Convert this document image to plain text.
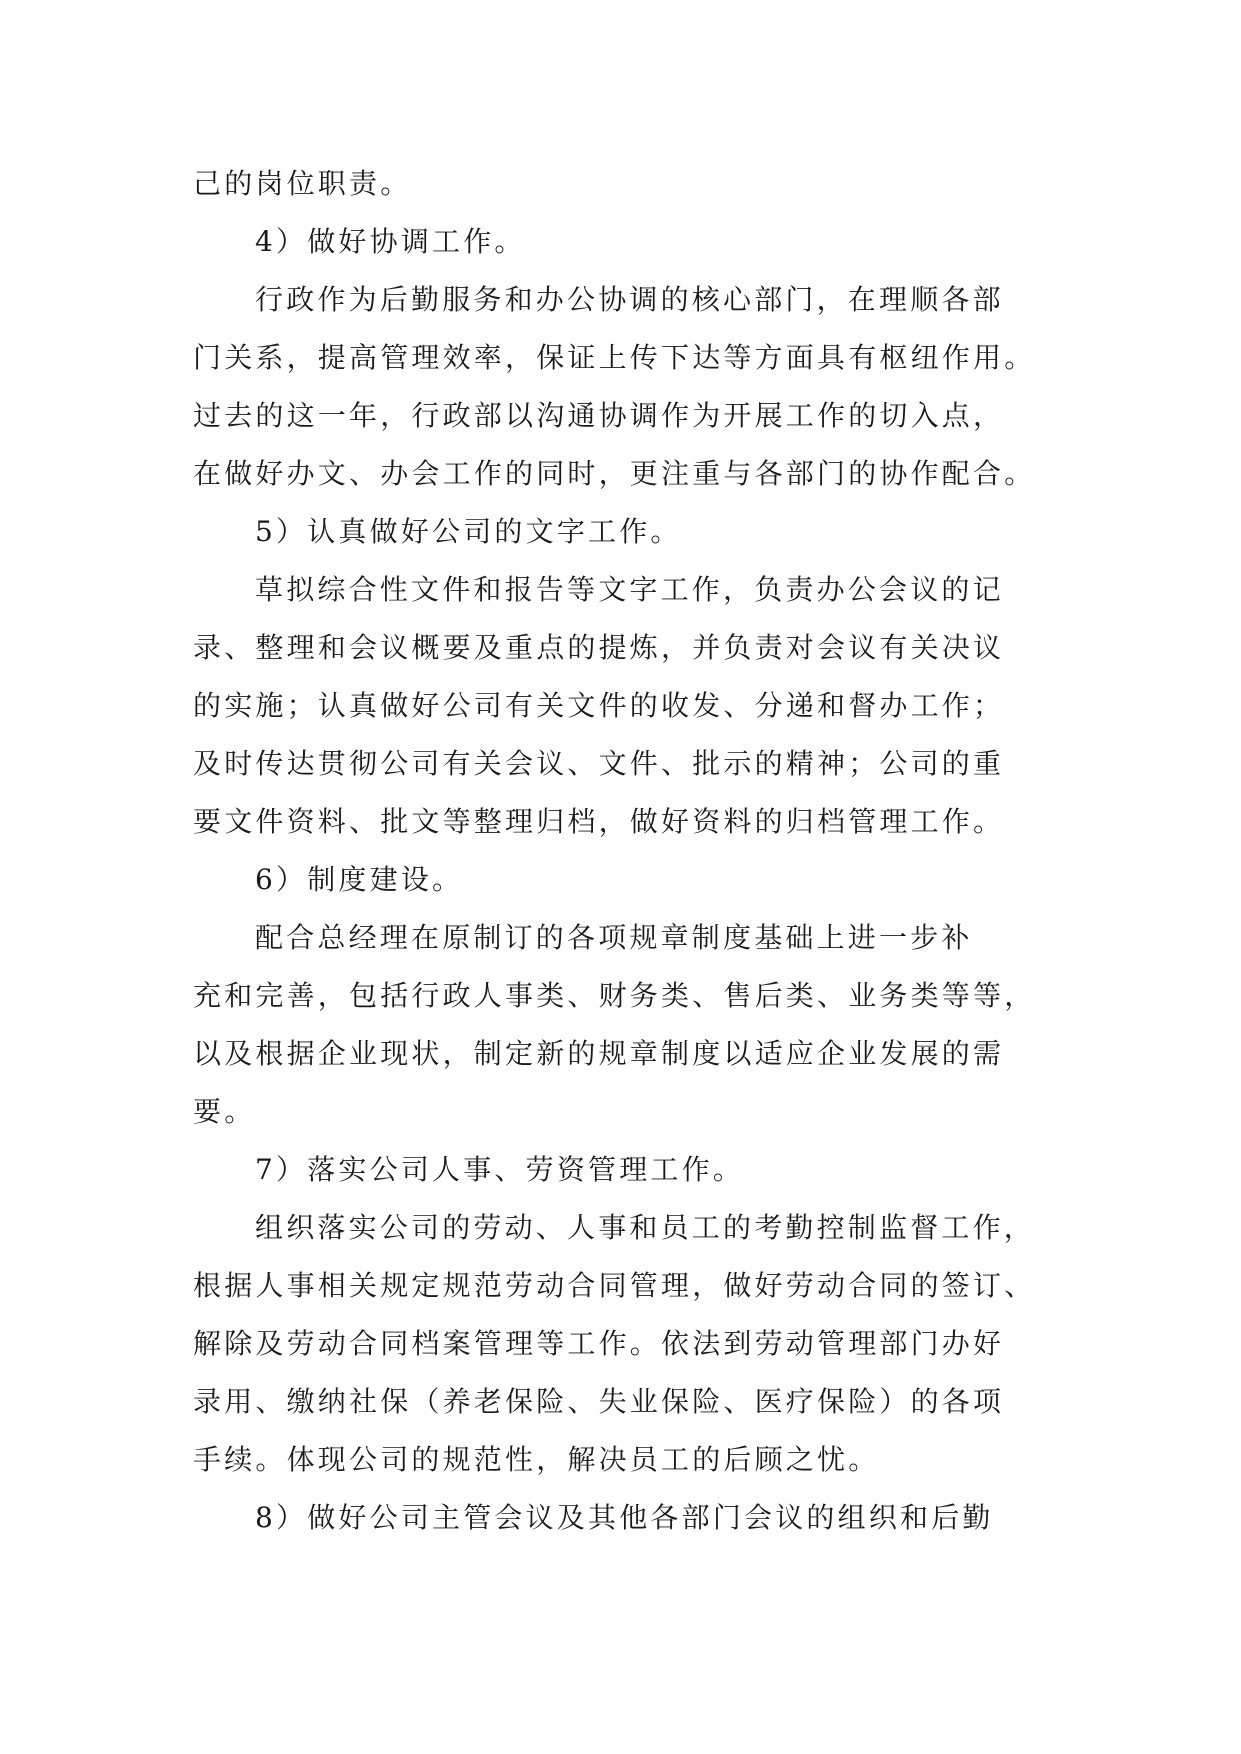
己的岗位职责。
4）做好协调工作。
行政作为后勤服务和办公协调的核心部门，在理顺各部
门关系，提高管理效率，保证上传下达等方面具有枢纽作用。
过去的这一年，行政部以沟通协调作为开展工作的切入点，
在做好办文、办会工作的同时，更注重与各部门的协作配合。
5）认真做好公司的文字工作。
草拟综合性文件和报告等文字工作，负责办公会议的记
录、整理和会议概要及重点的提炼，并负责对会议有关决议
的实施；认真做好公司有关文件的收发、分递和督办工作；
及时传达贯彻公司有关会议、文件、批示的精神；公司的重
要文件资料、批文等整理归档，做好资料的归档管理工作。
6）制度建设。
配合总经理在原制订的各项规章制度基础上进一步补
充和完善，包括行政人事类、财务类、售后类、业务类等等，
以及根据企业现状，制定新的规章制度以适应企业发展的需
要。
7）落实公司人事、劳资管理工作。
组织落实公司的劳动、人事和员工的考勤控制监督工作，
根据人事相关规定规范劳动合同管理，做好劳动合同的签订、
解除及劳动合同档案管理等工作。依法到劳动管理部门办好
录用、缴纳社保（养老保险、失业保险、医疗保险）的各项
手续。体现公司的规范性，解决员工的后顾之忧。
8）做好公司主管会议及其他各部门会议的组织和后勤
